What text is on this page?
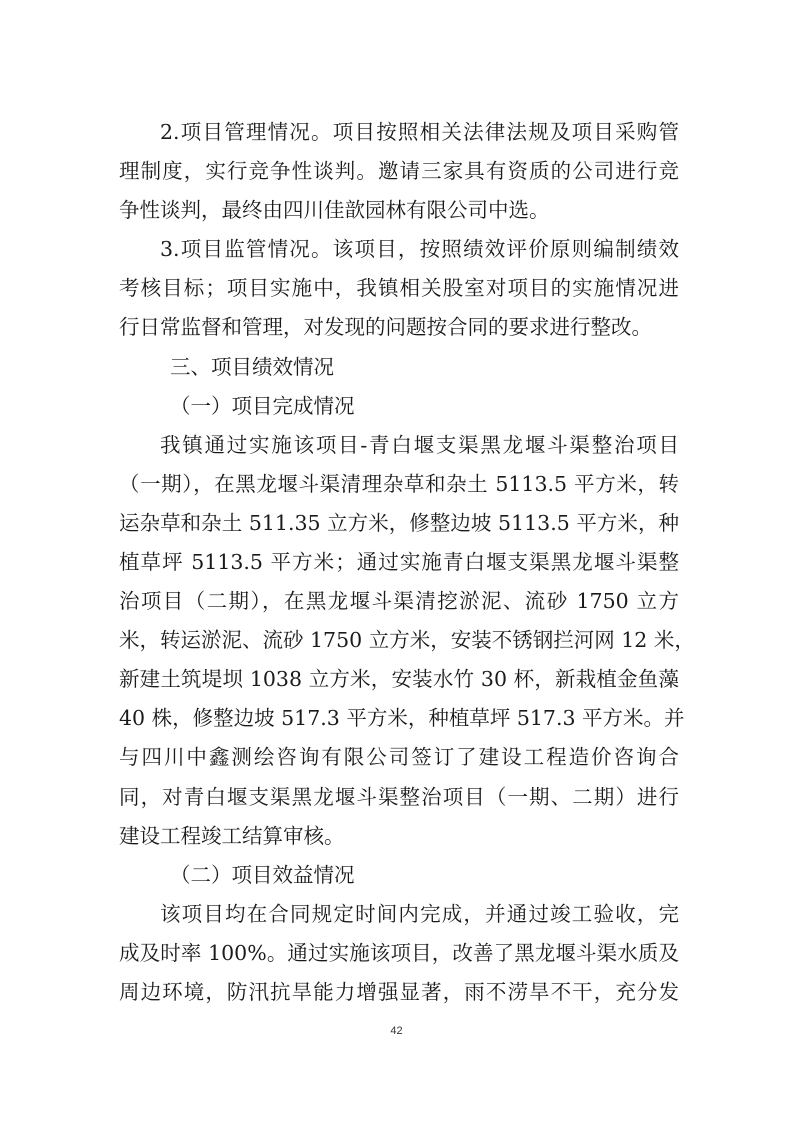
2.项目管理情况。项目按照相关法律法规及项目采购管
理制度，实行竞争性谈判。邀请三家具有资质的公司进行竞
争性谈判，最终由四川佳歆园林有限公司中选。
3.项目监管情况。该项目，按照绩效评价原则编制绩效
考核目标；项目实施中，我镇相关股室对项目的实施情况进
行日常监督和管理，对发现的问题按合同的要求进行整改。
三、项目绩效情况
（一）项目完成情况
我镇通过实施该项目-青白堰支渠黑龙堰斗渠整治项目
（一期），在黑龙堰斗渠清理杂草和杂土 5113.5 平方米，转
运杂草和杂土 511.35 立方米，修整边坡 5113.5 平方米，种
植草坪 5113.5 平方米；通过实施青白堰支渠黑龙堰斗渠整
治项目（二期），在黑龙堰斗渠清挖淤泥、流砂 1750 立方
米，转运淤泥、流砂 1750 立方米，安装不锈钢拦河网 12 米，
新建土筑堤坝 1038 立方米，安装水竹 30 杯，新栽植金鱼藻
40 株，修整边坡 517.3 平方米，种植草坪 517.3 平方米。并
与四川中鑫测绘咨询有限公司签订了建设工程造价咨询合
同，对青白堰支渠黑龙堰斗渠整治项目（一期、二期）进行
建设工程竣工结算审核。
（二）项目效益情况
该项目均在合同规定时间内完成，并通过竣工验收，完
成及时率 100%。通过实施该项目，改善了黑龙堰斗渠水质及
周边环境，防汛抗旱能力增强显著，雨不涝旱不干，充分发
42
